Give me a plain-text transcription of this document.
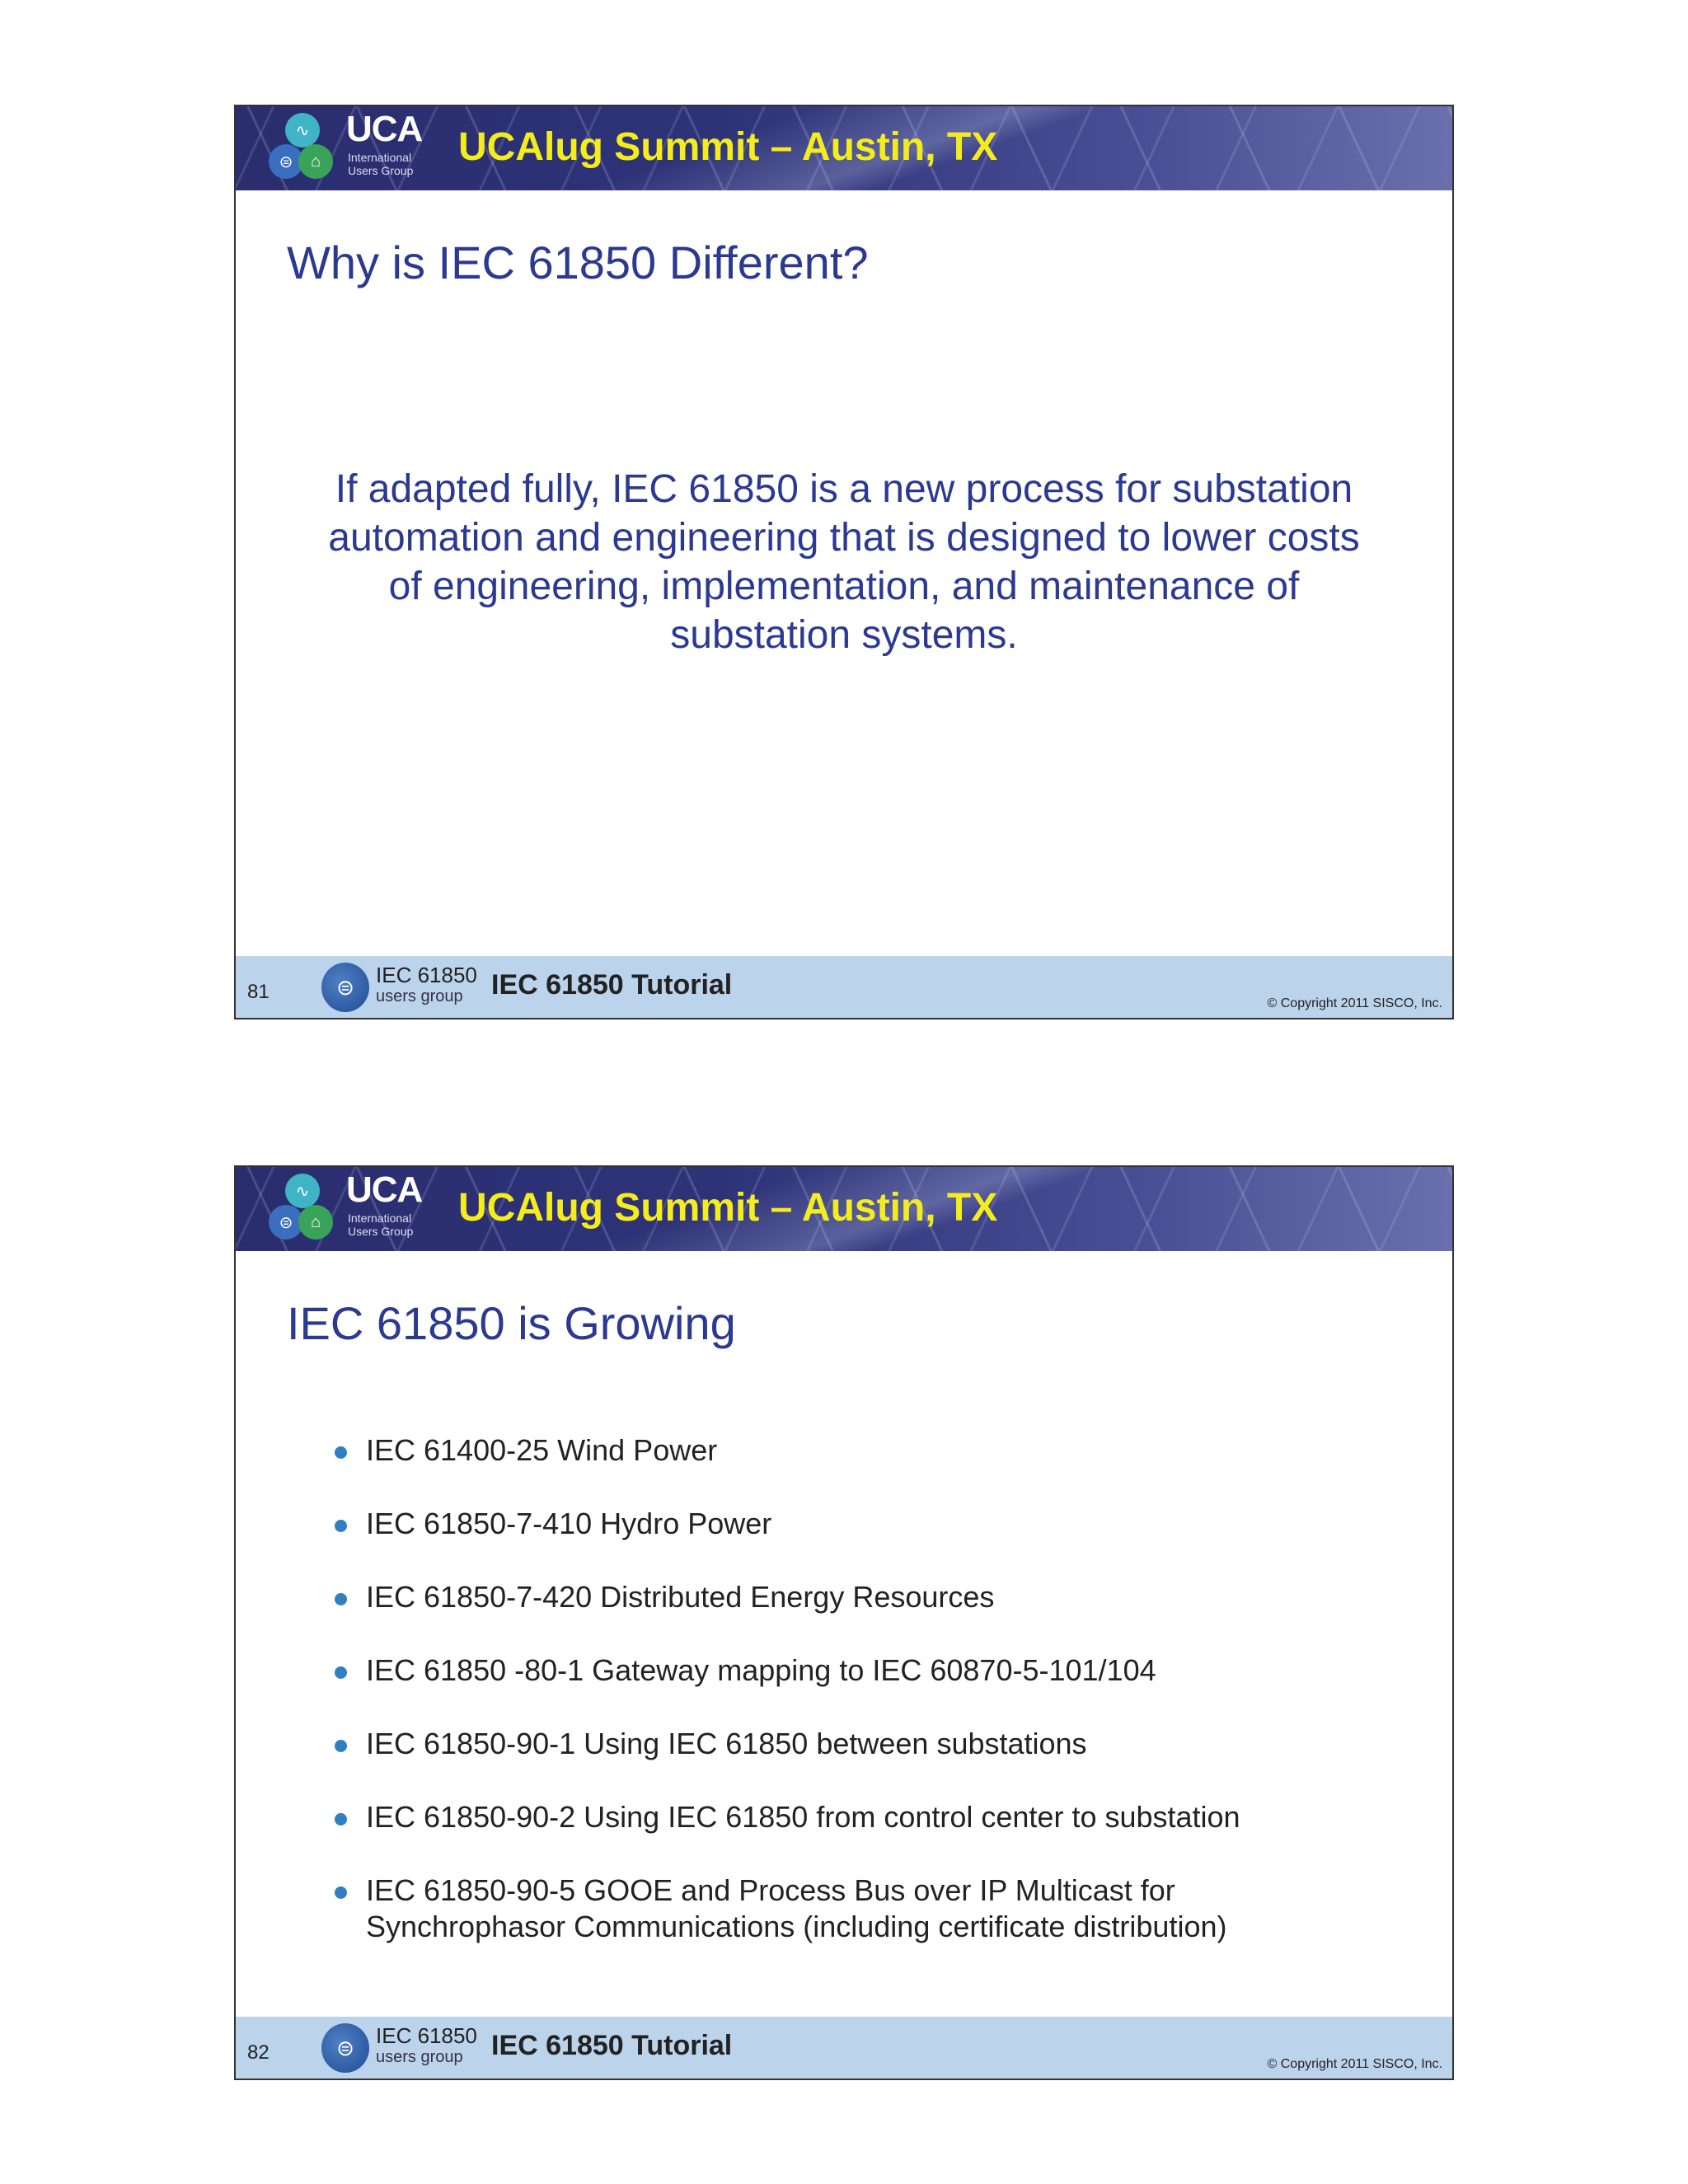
∿
⊜	⌂
UCA
International
Users Group
UCAlug Summit – Austin, TX
Why is IEC 61850 Different?
If adapted fully, IEC 61850 is a new process for substation automation and engineering that is designed to lower costs of engineering, implementation, and maintenance of substation systems.
81	⊜	IEC 61850
users group IEC 61850 Tutorial
© Copyright 2011 SISCO, Inc.
∿
⊜	⌂
UCA
International
Users Group
UCAlug Summit – Austin, TX
IEC 61850 is Growing
IEC 61400-25 Wind Power
IEC 61850-7-410 Hydro Power
IEC 61850-7-420 Distributed Energy Resources
IEC 61850 -80-1 Gateway mapping to IEC 60870-5-101/104
IEC 61850-90-1 Using IEC 61850 between substations
IEC 61850-90-2 Using IEC 61850 from control center to substation
IEC 61850-90-5 GOOE and Process Bus over IP Multicast for Synchrophasor Communications (including certificate distribution)
82	⊜	IEC 61850
users group IEC 61850 Tutorial
© Copyright 2011 SISCO, Inc.
